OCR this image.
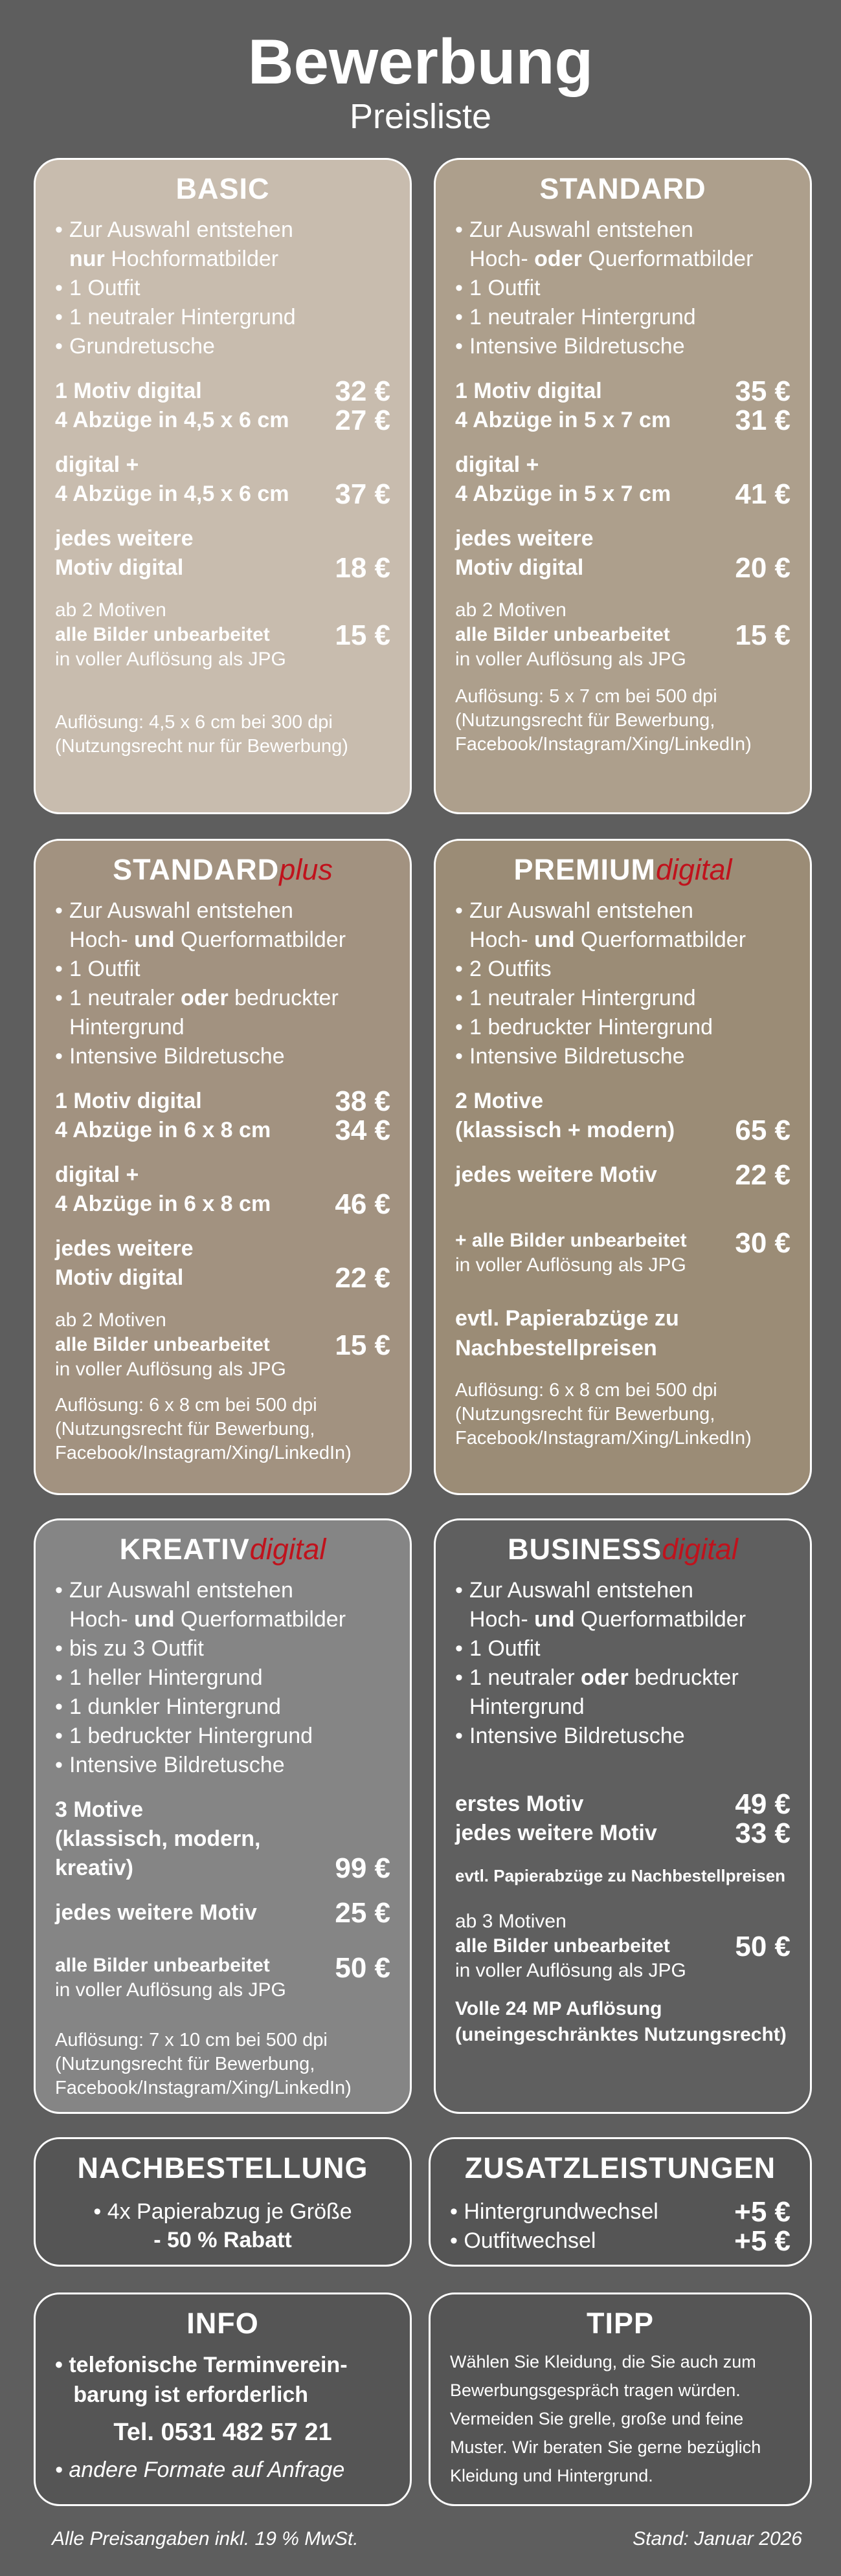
Bewerbung
Preisliste
BASIC
• Zur Auswahl entstehen
nur Hochformatbilder
• 1 Outfit
• 1 neutraler Hintergrund
• Grundretusche
1 Motiv digital	32 €
4 Abzüge in 4,5 x 6 cm 27 €
digital +
4 Abzüge in 4,5 x 6 cm 37 €
jedes weitere
Motiv digital	18 €
ab 2 Motiven
alle Bilder unbearbeitet
in voller Auflösung als JPG
15 €
Auflösung: 4,5 x 6 cm bei 300 dpi
(Nutzungsrecht nur für Bewerbung)
STANDARD
• Zur Auswahl entstehen
Hoch- oder Querformatbilder
• 1 Outfit
• 1 neutraler Hintergrund
• Intensive Bildretusche
1 Motiv digital	35 €
4 Abzüge in 5 x 7 cm 31 €
digital +
4 Abzüge in 5 x 7 cm 41 €
jedes weitere
Motiv digital	20 €
ab 2 Motiven
alle Bilder unbearbeitet
in voller Auflösung als JPG
15 €
Auflösung: 5 x 7 cm bei 500 dpi
(Nutzungsrecht für Bewerbung,
Facebook/Instagram/Xing/LinkedIn)
STANDARDplus
• Zur Auswahl entstehen
Hoch- und Querformatbilder
• 1 Outfit
• 1 neutraler oder bedruckter
Hintergrund
• Intensive Bildretusche
1 Motiv digital	38 €
4 Abzüge in 6 x 8 cm 34 €
digital +
4 Abzüge in 6 x 8 cm 46 €
jedes weitere
Motiv digital	22 €
ab 2 Motiven
alle Bilder unbearbeitet
in voller Auflösung als JPG
15 €
Auflösung: 6 x 8 cm bei 500 dpi
(Nutzungsrecht für Bewerbung,
Facebook/Instagram/Xing/LinkedIn)
PREMIUMdigital
• Zur Auswahl entstehen
Hoch- und Querformatbilder
• 2 Outfits
• 1 neutraler Hintergrund
• 1 bedruckter Hintergrund
• Intensive Bildretusche
2 Motive
(klassisch + modern) 65 €
jedes weitere Motiv	22 €
+ alle Bilder unbearbeitet
in voller Auflösung als JPG
30 €
evtl. Papierabzüge zu
Nachbestellpreisen
Auflösung: 6 x 8 cm bei 500 dpi
(Nutzungsrecht für Bewerbung,
Facebook/Instagram/Xing/LinkedIn)
KREATIVdigital
• Zur Auswahl entstehen
Hoch- und Querformatbilder
• bis zu 3 Outfit
• 1 heller Hintergrund
• 1 dunkler Hintergrund
• 1 bedruckter Hintergrund
• Intensive Bildretusche
3 Motive
(klassisch, modern, kreativ)	99 €
jedes weitere Motiv	25 €
alle Bilder unbearbeitet
in voller Auflösung als JPG
50 €
Auflösung: 7 x 10 cm bei 500 dpi
(Nutzungsrecht für Bewerbung,
Facebook/Instagram/Xing/LinkedIn)
BUSINESSdigital
• Zur Auswahl entstehen
Hoch- und Querformatbilder
• 1 Outfit
• 1 neutraler oder bedruckter
Hintergrund
• Intensive Bildretusche
erstes Motiv	49 €
jedes weitere Motiv	33 €
evtl. Papierabzüge zu Nachbestellpreisen
ab 3 Motiven
alle Bilder unbearbeitet
in voller Auflösung als JPG
50 €
Volle 24 MP Auflösung
(uneingeschränktes Nutzungsrecht)
NACHBESTELLUNG
• 4x Papierabzug je Größe
- 50 % Rabatt
ZUSATZLEISTUNGEN
• Hintergrundwechsel	+5 €
• Outfitwechsel	+5 €
INFO
• telefonische Terminverein-
barung ist erforderlich
Tel. 0531 482 57 21
• andere Formate auf Anfrage
TIPP
Wählen Sie Kleidung, die Sie auch zum Bewerbungsgespräch tragen würden. Vermeiden Sie grelle, große und feine Muster. Wir beraten Sie gerne bezüglich Kleidung und Hintergrund.
Alle Preisangaben inkl. 19 % MwSt.	Stand: Januar 2026
